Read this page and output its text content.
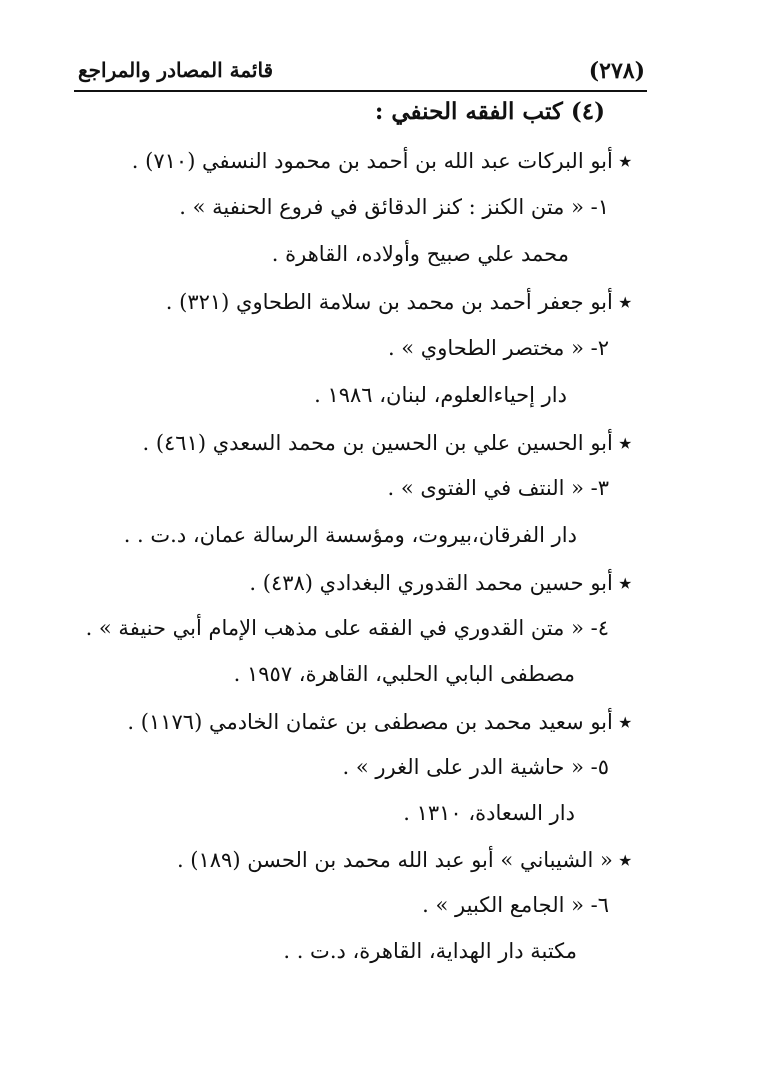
(٢٧٨)
قائمة المصادر والمراجع
(٤) كتب الفقه الحنفي :
٭ أبو البركات عبد الله بن أحمد بن محمود النسفي (٧١٠) .
١- « متن الكنز : كنز الدقائق في فروع الحنفية » .
محمد علي صبيح وأولاده، القاهرة .
٭ أبو جعفر أحمد بن محمد بن سلامة الطحاوي (٣٢١) .
٢- « مختصر الطحاوي » .
دار إحياءالعلوم، لبنان، ١٩٨٦ .
٭ أبو الحسين علي بن الحسين بن محمد السعدي (٤٦١) .
٣- « النتف في الفتوى » .
دار الفرقان،بيروت، ومؤسسة الرسالة عمان، د.ت . .
٭ أبو حسين محمد القدوري البغدادي (٤٣٨) .
٤- « متن القدوري في الفقه على مذهب الإمام أبي حنيفة » .
مصطفى البابي الحلبي، القاهرة، ١٩٥٧ .
٭ أبو سعيد محمد بن مصطفى بن عثمان الخادمي (١١٧٦) .
٥- « حاشية الدر على الغرر » .
دار السعادة، ١٣١٠ .
٭ « الشيباني » أبو عبد الله محمد بن الحسن (١٨٩) .
٦- « الجامع الكبير » .
مكتبة دار الهداية، القاهرة، د.ت . .
